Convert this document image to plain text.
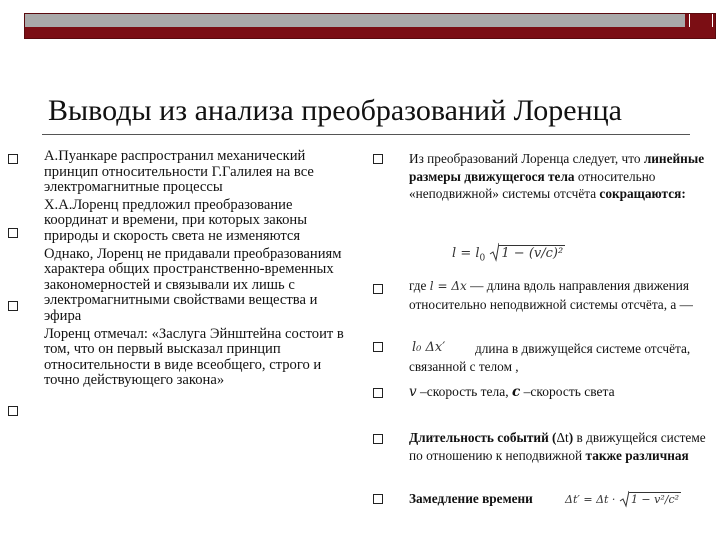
Выводы из анализа преобразований Лоренца

А.Пуанкаре распространил механический принцип относительности Г.Галилея на все электромагнитные процессы

Х.А.Лоренц предложил преобразование координат и времени, при которых законы природы и скорость света не изменяются

Однако, Лоренц не придавали преобразованиям характера общих пространственно-временных закономерностей и связывали их лишь с электромагнитными свойствами вещества и эфира

Лоренц отмечал: «Заслуга Эйнштейна состоит в том, что он первый высказал принцип относительности в виде всеобщего, строго и точно действующего закона»

Из преобразований Лоренца следует, что линейные размеры движущегося тела относительно «неподвижной» системы отсчёта сокращаются:
$l = l_0$ 1 − (v/c)²
где l = Δx — длина вдоль направления движения относительно неподвижной системы отсчёта, а —
l₀ Δx′	длина в движущейся системе отсчёта, связанной с телом ,
v –скорость тела, c –скорость света
Длительность событий (Δt) в движущейся системе по отношению к неподвижной также различная
Замедление времени	Δt′ = Δt · 1 − v²/c²
